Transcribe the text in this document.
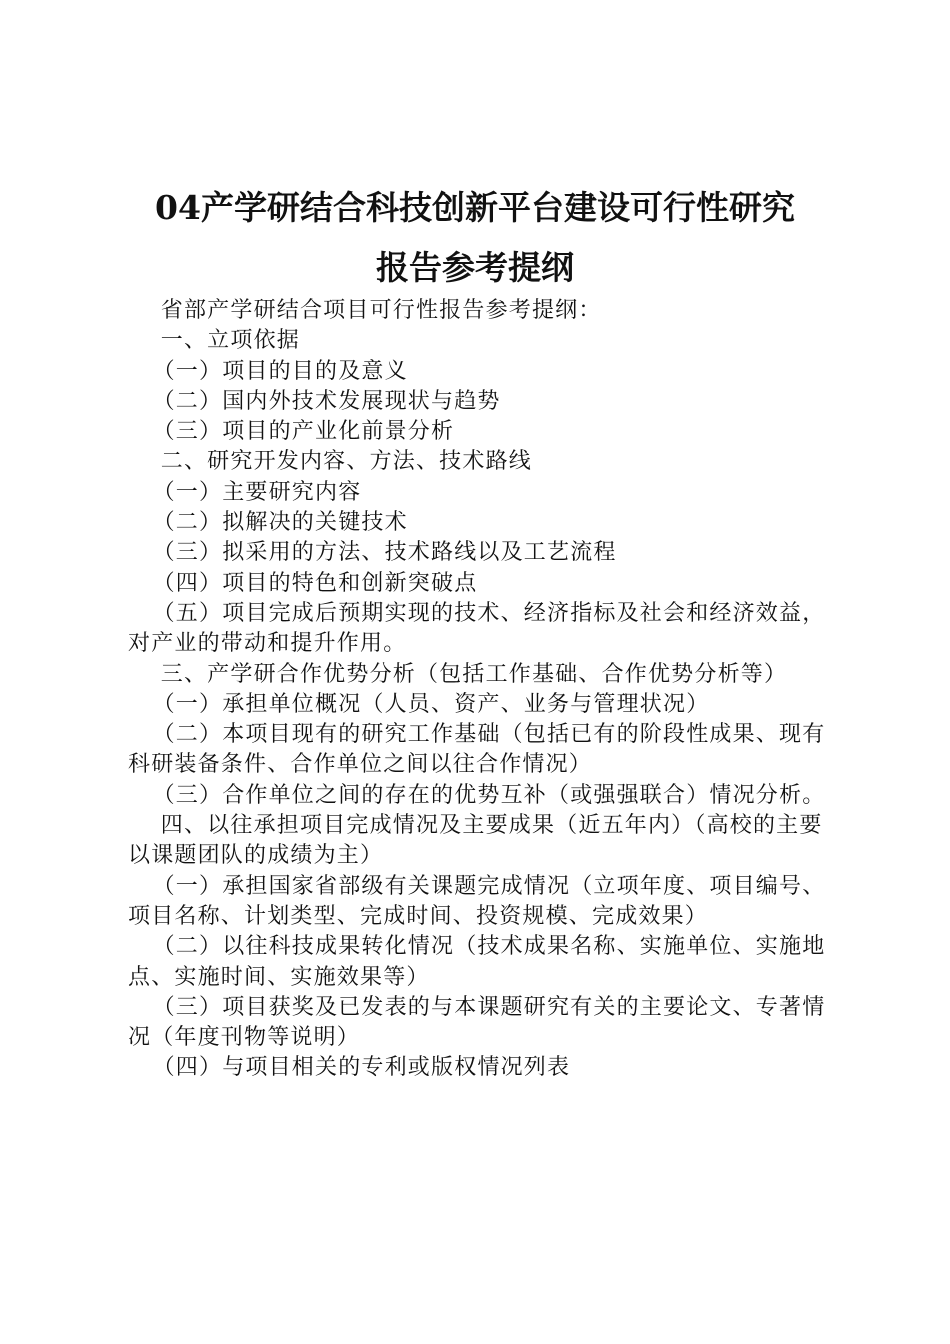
04产学研结合科技创新平台建设可行性研究
报告参考提纲
省部产学研结合项目可行性报告参考提纲：
一、立项依据
（一）项目的目的及意义
（二）国内外技术发展现状与趋势
（三）项目的产业化前景分析
二、研究开发内容、方法、技术路线
（一）主要研究内容
（二）拟解决的关键技术
（三）拟采用的方法、技术路线以及工艺流程
（四）项目的特色和创新突破点
（五）项目完成后预期实现的技术、经济指标及社会和经济效益，对产业的带动和提升作用。
三、产学研合作优势分析（包括工作基础、合作优势分析等）
（一）承担单位概况（人员、资产、业务与管理状况）
（二）本项目现有的研究工作基础（包括已有的阶段性成果、现有科研装备条件、合作单位之间以往合作情况）
（三）合作单位之间的存在的优势互补（或强强联合）情况分析。
四、以往承担项目完成情况及主要成果（近五年内）（高校的主要以课题团队的成绩为主）
（一）承担国家省部级有关课题完成情况（立项年度、项目编号、项目名称、计划类型、完成时间、投资规模、完成效果）
（二）以往科技成果转化情况（技术成果名称、实施单位、实施地点、实施时间、实施效果等）
（三）项目获奖及已发表的与本课题研究有关的主要论文、专著情况（年度刊物等说明）
（四）与项目相关的专利或版权情况列表
